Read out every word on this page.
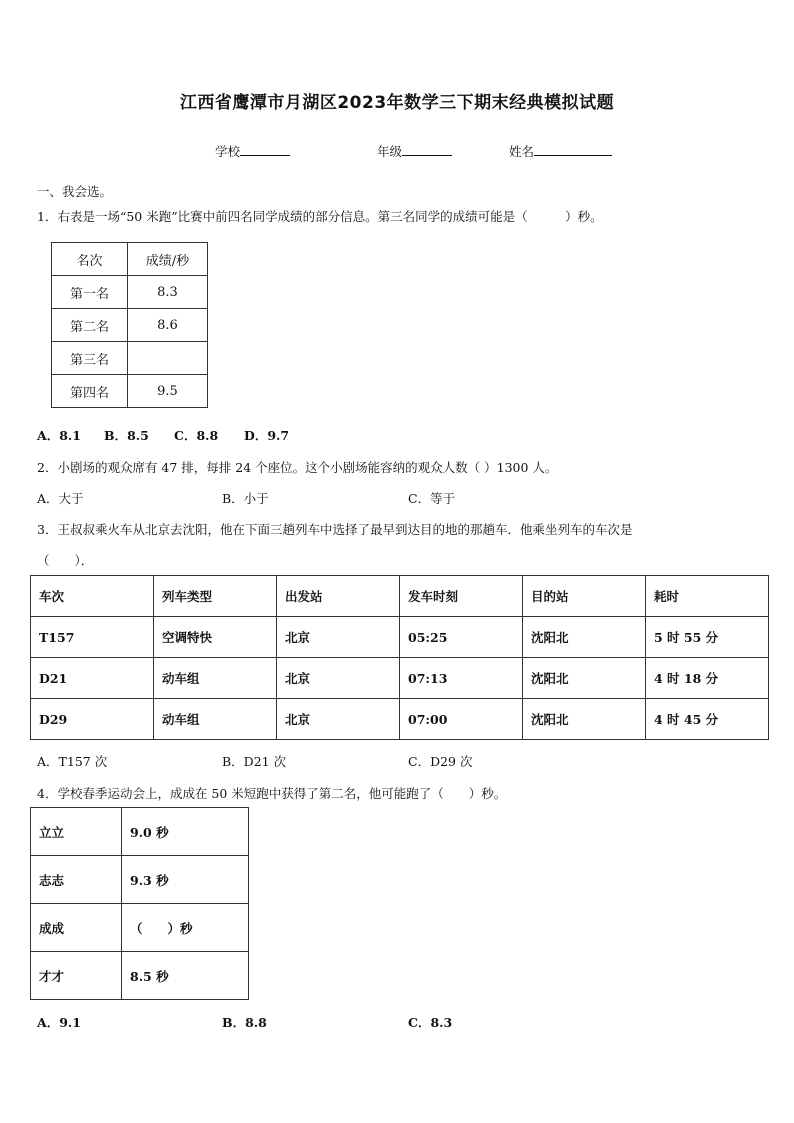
江西省鹰潭市月湖区2023年数学三下期末经典模拟试题
学校	年级	姓名
一、我会选。
1．右表是一场“50 米跑”比赛中前四名同学成绩的部分信息。第三名同学的成绩可能是（　　　）秒。
名次	成绩/秒
第一名	8.3
第二名	8.6
第三名	
第四名	9.5
A．8.1 B．8.5 C．8.8 D．9.7
2．小剧场的观众席有 47 排，每排 24 个座位。这个小剧场能容纳的观众人数（ ）1300 人。
A．大于	B．小于	C．等于
3．王叔叔乘火车从北京去沈阳，他在下面三趟列车中选择了最早到达目的地的那趟车．他乘坐列车的车次是
（　　）．
车次	列车类型	出发站	发车时刻	目的站	耗时
T157	空调特快	北京	05:25	沈阳北	5 时 55 分
D21	动车组	北京	07:13	沈阳北	4 时 18 分
D29	动车组	北京	07:00	沈阳北	4 时 45 分
A．T157 次	B．D21 次	C．D29 次
4．学校春季运动会上，成成在 50 米短跑中获得了第二名，他可能跑了（　　）秒。
立立	9.0 秒
志志	9.3 秒
成成	（　　）秒
才才	8.5 秒
A．9.1	B．8.8	C．8.3
